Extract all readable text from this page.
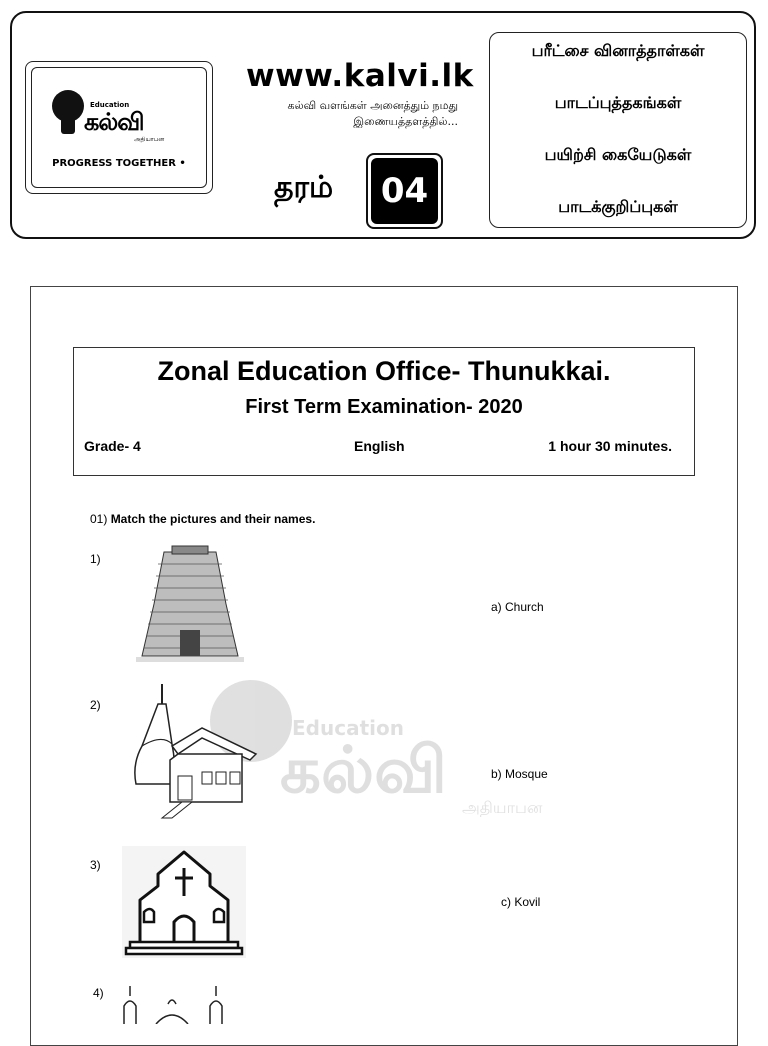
Education
கல்வி
அதியாபன
PROGRESS TOGETHER •
www.kalvi.lk
கல்வி வளங்கள் அனைத்தும் நமது
இணையத்தளத்தில்...
தரம் 04
பரீட்சை வினாத்தாள்கள்
பாடப்புத்தகங்கள்
பயிற்சி கையேடுகள்
பாடக்குறிப்புகள்
Zonal Education Office- Thunukkai.
First Term Examination- 2020
Grade- 4	English	1 hour 30 minutes.
01) Match the pictures and their names.
Education
கல்வி அதியாபன
1)
a) Church
2)
b) Mosque
3)
c) Kovil
4)
